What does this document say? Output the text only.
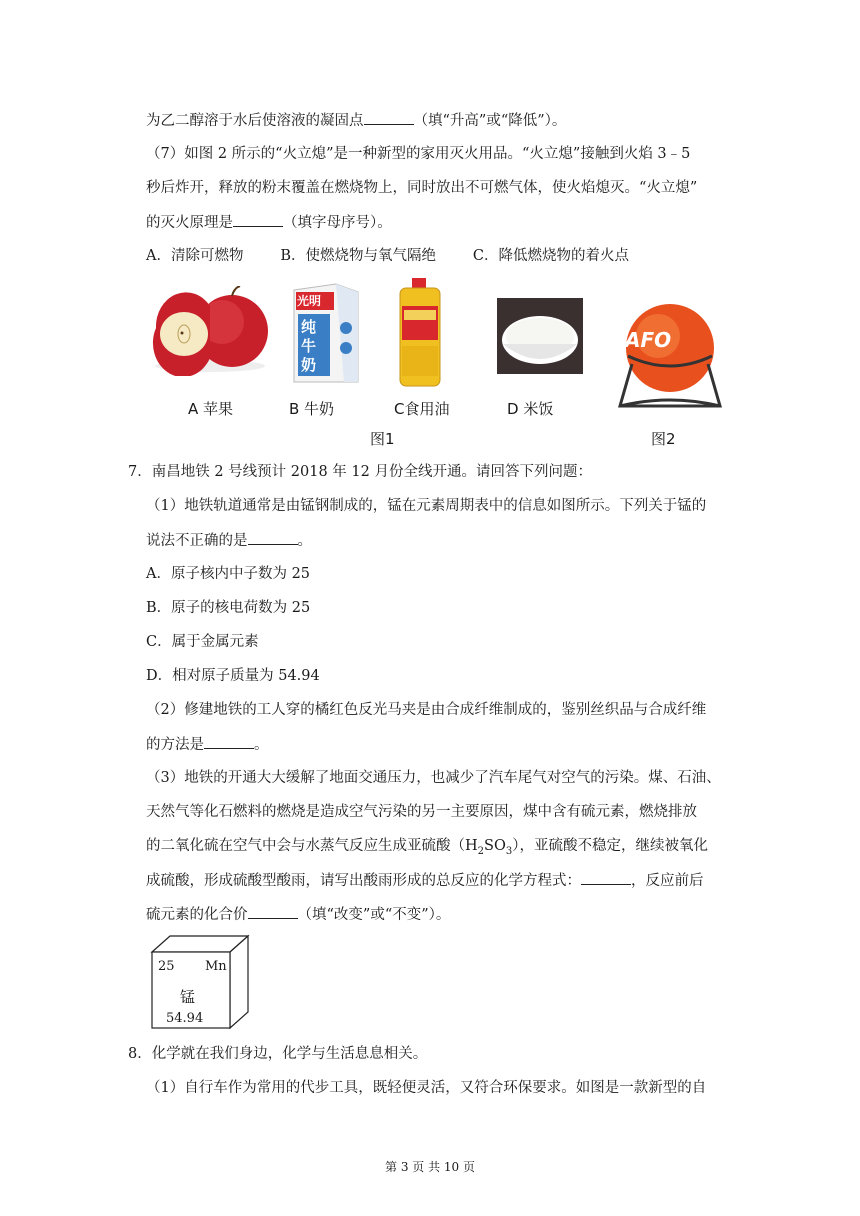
为乙二醇溶于水后使溶液的凝固点	（填“升高”或“降低”）。
（7）如图 2 所示的“火立熄”是一种新型的家用灭火用品。“火立熄”接触到火焰 3﹣5
秒后炸开，释放的粉末覆盖在燃烧物上，同时放出不可燃气体，使火焰熄灭。“火立熄”
的灭火原理是	（填字母序号）。
A．清除可燃物        B．使燃烧物与氧气隔绝        C．降低燃烧物的着火点
光明
纯牛奶
AFO
A 苹果	B 牛奶	C食用油	D 米饭
图1	图2
7．南昌地铁 2 号线预计 2018 年 12 月份全线开通。请回答下列问题：
（1）地铁轨道通常是由锰钢制成的，锰在元素周期表中的信息如图所示。下列关于锰的
说法不正确的是	。
A．原子核内中子数为 25
B．原子的核电荷数为 25
C．属于金属元素
D．相对原子质量为 54.94
（2）修建地铁的工人穿的橘红色反光马夹是由合成纤维制成的，鉴别丝织品与合成纤维
的方法是	。
（3）地铁的开通大大缓解了地面交通压力，也减少了汽车尾气对空气的污染。煤、石油、
天然气等化石燃料的燃烧是造成空气污染的另一主要原因，煤中含有硫元素，燃烧排放
的二氧化硫在空气中会与水蒸气反应生成亚硫酸$(H_2SO_3)$，亚硫酸不稳定，继续被氧化
成硫酸，形成硫酸型酸雨，请写出酸雨形成的总反应的化学方程式：	，反应前后
硫元素的化合价	（填“改变”或“不变”）。
25 Mn
锰
54.94
8．化学就在我们身边，化学与生活息息相关。
（1）自行车作为常用的代步工具，既轻便灵活，又符合环保要求。如图是一款新型的自
第 3 页 共 10 页
